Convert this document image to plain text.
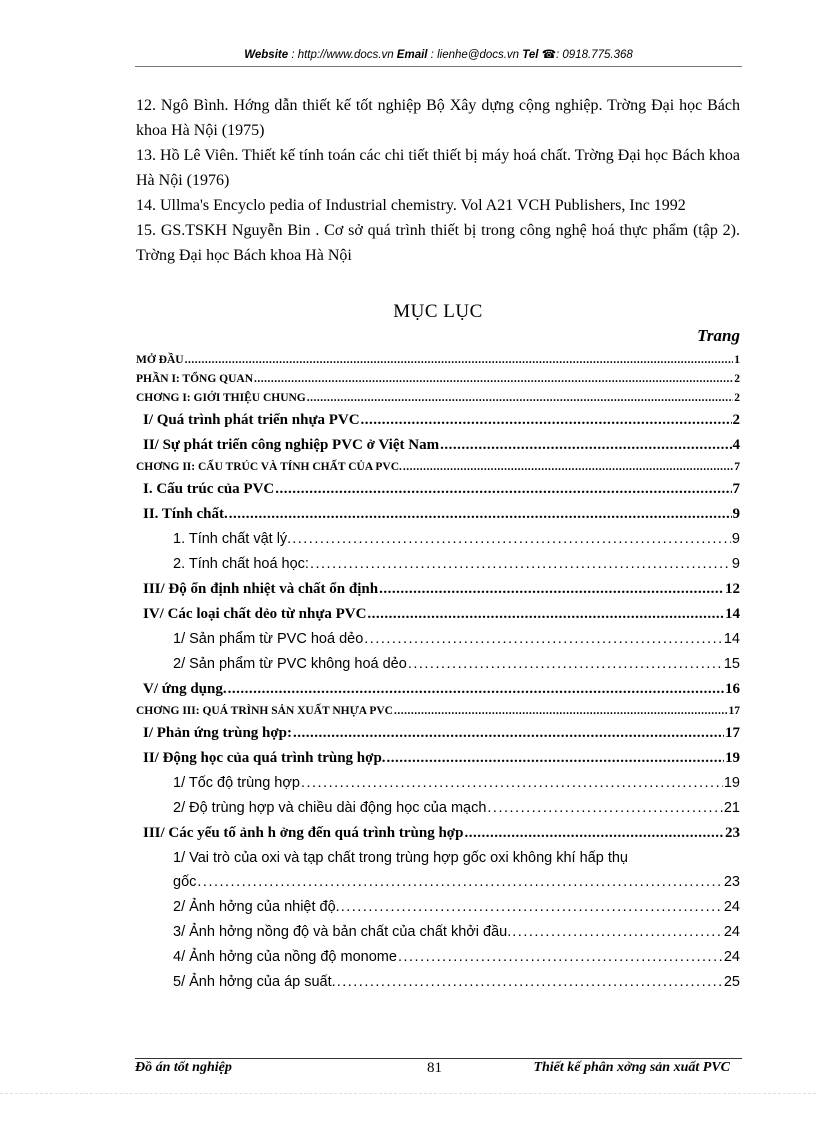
Website : http://www.docs.vn Email : lienhe@docs.vn Tel ☎: 0918.775.368

12. Ngô Bình. Hớng dẫn thiết kế tốt nghiệp Bộ Xây dựng cộng nghiệp. Trờng Đại học Bách khoa Hà Nội (1975)

13. Hồ Lê Viên. Thiết kế tính toán các chi tiết thiết bị máy hoá chất. Trờng Đại học Bách khoa Hà Nội (1976)

14. Ullma's Encyclo pedia of Industrial chemistry. Vol A21 VCH Publishers, Inc 1992

15. GS.TSKH Nguyễn Bin . Cơ sở quá trình thiết bị trong công nghệ hoá thực phẩm (tập 2). Trờng Đại học Bách khoa Hà Nội

MỤC LỤC
Trang
MỞ ĐẦU .....	1
PHẦN I: TỔNG QUAN .....	2
CHƠNG I: GIỚI THIỆU CHUNG .....	2
I/ Quá trình phát triển nhựa PVC .....	2
II/ Sự phát triển công nghiệp PVC ở Việt Nam .....	4
CHƠNG II: CẤU TRÚC VÀ TÍNH CHẤT CỦA PVC. .....	7
I. Cấu trúc của PVC .....	7
II. Tính chất. .....	9
1. Tính chất vật lý. .....	9
2. Tính chất hoá học: .....	9
III/ Độ ổn định nhiệt và chất ổn định .....	12
IV/ Các loại chất dẻo từ nhựa PVC .....	14
1/ Sản phẩm từ PVC hoá dẻo .....	14
2/ Sản phẩm từ PVC không hoá dẻo .....	15
V/ ứng dụng. .....	16
CHƠNG III: QUÁ TRÌNH SẢN XUẤT NHỰA PVC .....	17
I/ Phản ứng trùng hợp: .....	17
II/ Động học của quá trình trùng hợp. .....	19
1/ Tốc độ trùng hợp .....	19
2/ Độ trùng hợp và chiều dài động học của mạch .....	21
III/ Các yếu tố ảnh h ởng đến quá trình trùng hợp .....	23
1/ Vai trò của oxi và tạp chất trong trùng hợp gốc oxi không khí hấp thụ
gốc .....	23
2/ Ảnh hởng của nhiệt độ. .....	24
3/ Ảnh hởng nồng độ và bản chất của chất khởi đầu. .....	24
4/ Ảnh hởng của nồng độ monome .....	24
5/ Ảnh hởng của áp suất. .....	25
Đồ án tốt nghiệp	81	Thiết kế phân xởng sản xuất PVC
